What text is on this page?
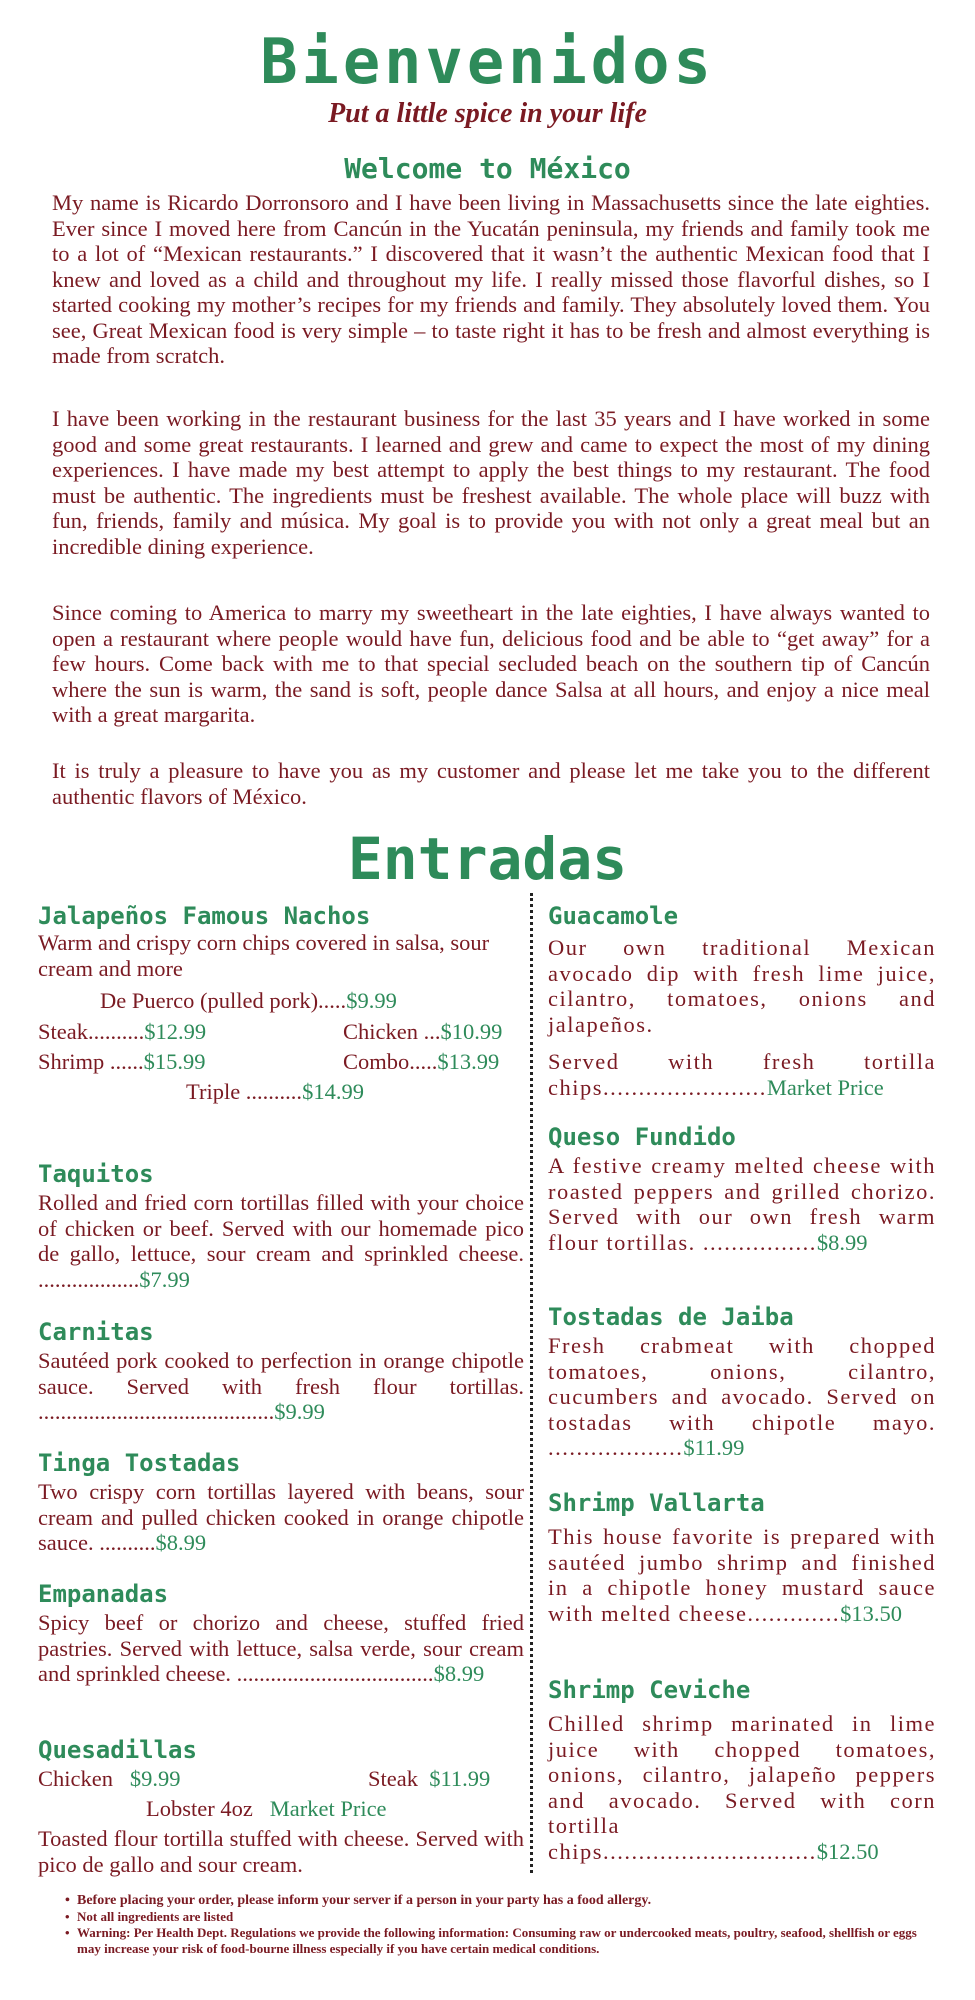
Bienvenidos
Put a little spice in your life
Welcome to México

My name is Ricardo Dorronsoro and I have been living in Massachusetts since the late eighties. Ever since I moved here from Cancún in the Yucatán peninsula, my friends and family took me to a lot of “Mexican restaurants.” I discovered that it wasn’t the authentic Mexican food that I knew and loved as a child and throughout my life. I really missed those flavorful dishes, so I started cooking my mother’s recipes for my friends and family. They absolutely loved them. You see, Great Mexican food is very simple – to taste right it has to be fresh and almost everything is made from scratch.

I have been working in the restaurant business for the last 35 years and I have worked in some good and some great restaurants. I learned and grew and came to expect the most of my dining experiences. I have made my best attempt to apply the best things to my restaurant. The food must be authentic. The ingredients must be freshest available. The whole place will buzz with fun, friends, family and música. My goal is to provide you with not only a great meal but an incredible dining experience.

Since coming to America to marry my sweetheart in the late eighties, I have always wanted to open a restaurant where people would have fun, delicious food and be able to “get away” for a few hours. Come back with me to that special secluded beach on the southern tip of Cancún where the sun is warm, the sand is soft, people dance Salsa at all hours, and enjoy a nice meal with a great margarita.

It is truly a pleasure to have you as my customer and please let me take you to the different authentic flavors of México.

Entradas
Jalapeños Famous Nachos

Warm and crispy corn chips covered in salsa, sour cream and more

De Puerco (pulled pork).....$9.99
Steak..........$12.99	Chicken ...$10.99
Shrimp ......$15.99	Combo.....$13.99
Triple ..........$14.99
Taquitos

Rolled and fried corn tortillas filled with your choice of chicken or beef. Served with our homemade pico de gallo, lettuce, sour cream and sprinkled cheese. ..................$7.99

Carnitas

Sautéed pork cooked to perfection in orange chipotle sauce. Served with fresh flour tortillas. ..........................................$9.99

Tinga Tostadas

Two crispy corn tortillas layered with beans, sour cream and pulled chicken cooked in orange chipotle sauce. ..........$8.99

Empanadas

Spicy beef or chorizo and cheese, stuffed fried pastries. Served with lettuce, salsa verde, sour cream and sprinkled cheese. ...................................$8.99

Quesadillas
Chicken $9.99	Steak $11.99
Lobster 4oz Market Price

Toasted flour tortilla stuffed with cheese. Served with pico de gallo and sour cream.

Guacamole

Our own traditional Mexican avocado dip with fresh lime juice, cilantro, tomatoes, onions and jalapeños.

Served with fresh tortilla chips.......................Market Price

Queso Fundido

A festive creamy melted cheese with roasted peppers and grilled chorizo. Served with our own fresh warm flour tortillas. ................$8.99

Tostadas de Jaiba

Fresh crabmeat with chopped tomatoes, onions, cilantro, cucumbers and avocado. Served on tostadas with chipotle mayo. ...................$11.99

Shrimp Vallarta

This house favorite is prepared with sautéed jumbo shrimp and finished in a chipotle honey mustard sauce with melted cheese.............$13.50

Shrimp Ceviche

Chilled shrimp marinated in lime juice with chopped tomatoes, onions, cilantro, jalapeño peppers and avocado. Served with corn tortilla chips..............................$12.50

• Before placing your order, please inform your server if a person in your party has a food allergy.
• Not all ingredients are listed
• Warning: Per Health Dept. Regulations we provide the following information: Consuming raw or undercooked meats, poultry, seafood, shellfish or eggs may increase your risk of food-bourne illness especially if you have certain medical conditions.
